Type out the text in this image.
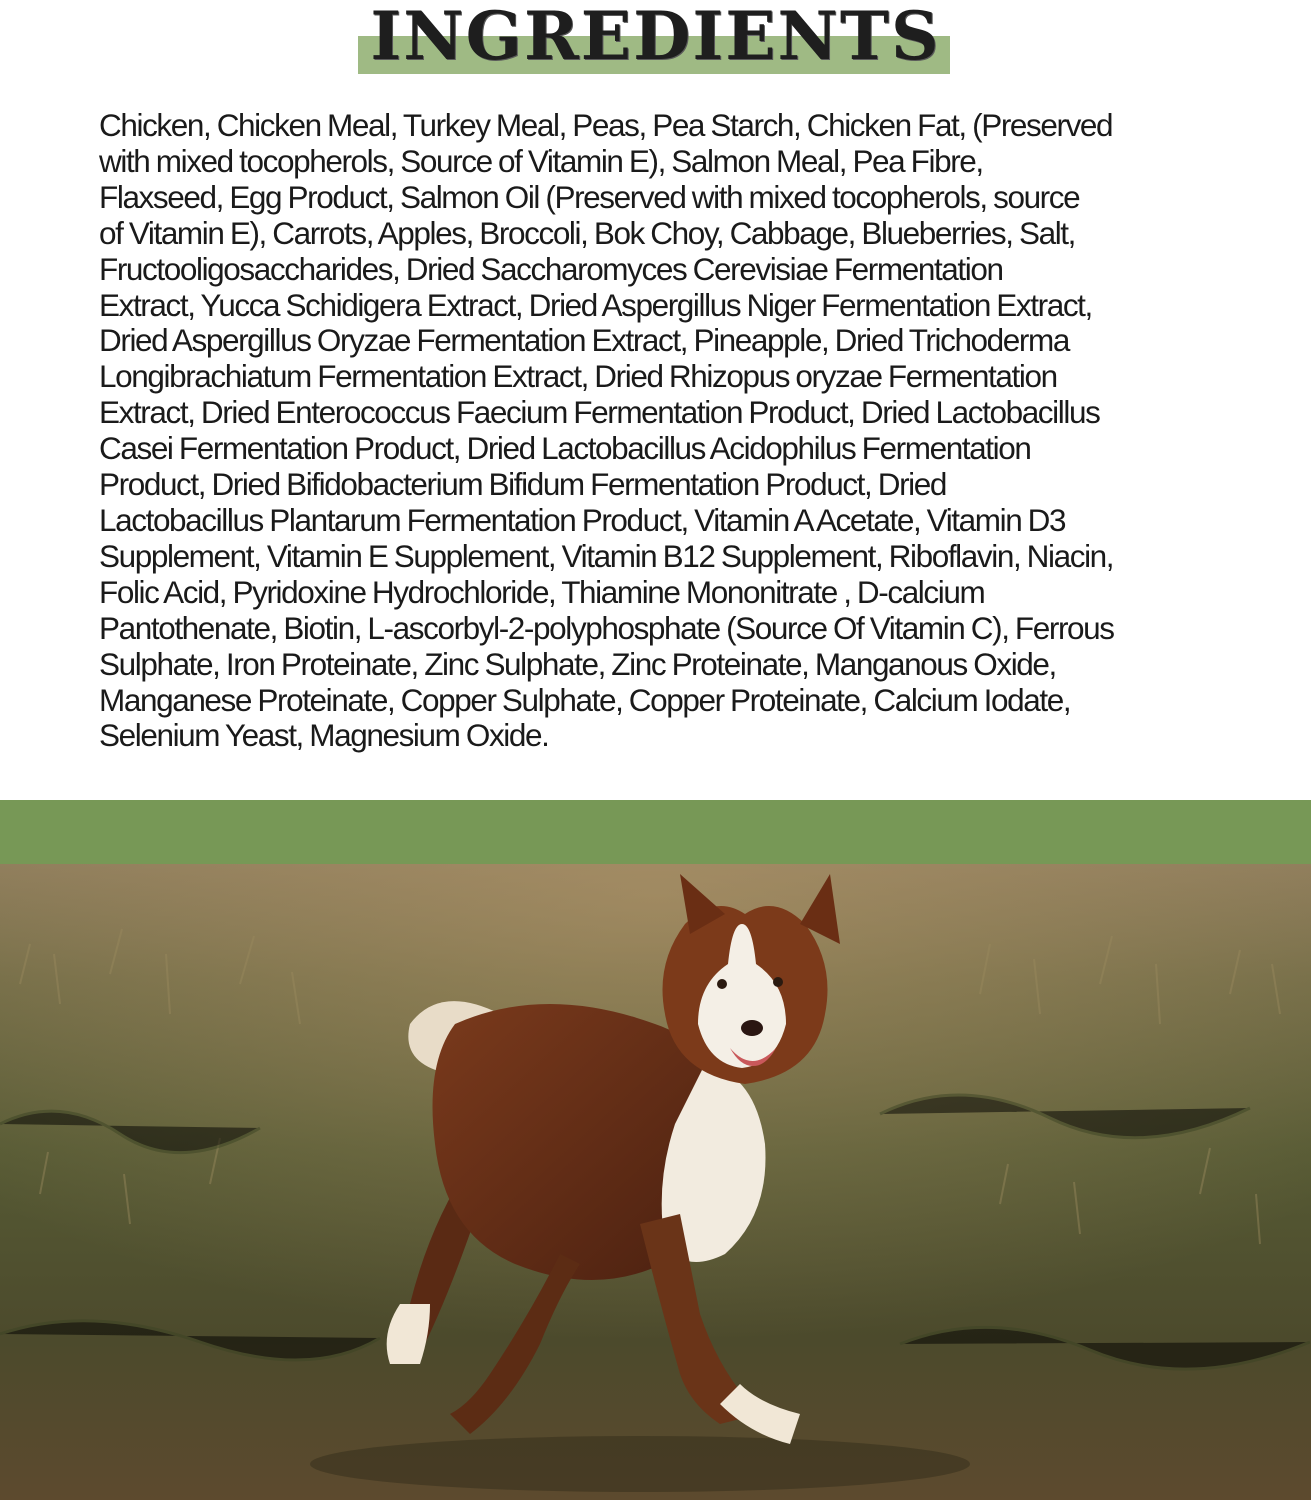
INGREDIENTS

Chicken, Chicken Meal, Turkey Meal, Peas, Pea Starch, Chicken Fat, (Preserved
with mixed tocopherols, Source of Vitamin E), Salmon Meal, Pea Fibre,
Flaxseed, Egg Product, Salmon Oil (Preserved with mixed tocopherols, source
of Vitamin E), Carrots, Apples, Broccoli, Bok Choy, Cabbage, Blueberries, Salt,
Fructooligosaccharides, Dried Saccharomyces Cerevisiae Fermentation
Extract, Yucca Schidigera Extract, Dried Aspergillus Niger Fermentation Extract,
Dried Aspergillus Oryzae Fermentation Extract, Pineapple, Dried Trichoderma
Longibrachiatum Fermentation Extract, Dried Rhizopus oryzae Fermentation
Extract, Dried Enterococcus Faecium Fermentation Product, Dried Lactobacillus
Casei Fermentation Product, Dried Lactobacillus Acidophilus Fermentation
Product, Dried Bifidobacterium Bifidum Fermentation Product, Dried
Lactobacillus Plantarum Fermentation Product, Vitamin A Acetate, Vitamin D3
Supplement, Vitamin E Supplement, Vitamin B12 Supplement, Riboflavin, Niacin,
Folic Acid, Pyridoxine Hydrochloride, Thiamine Mononitrate , D-calcium
Pantothenate, Biotin, L-ascorbyl-2-polyphosphate (Source Of Vitamin C), Ferrous
Sulphate, Iron Proteinate, Zinc Sulphate, Zinc Proteinate, Manganous Oxide,
Manganese Proteinate, Copper Sulphate, Copper Proteinate, Calcium Iodate,
Selenium Yeast, Magnesium Oxide.
